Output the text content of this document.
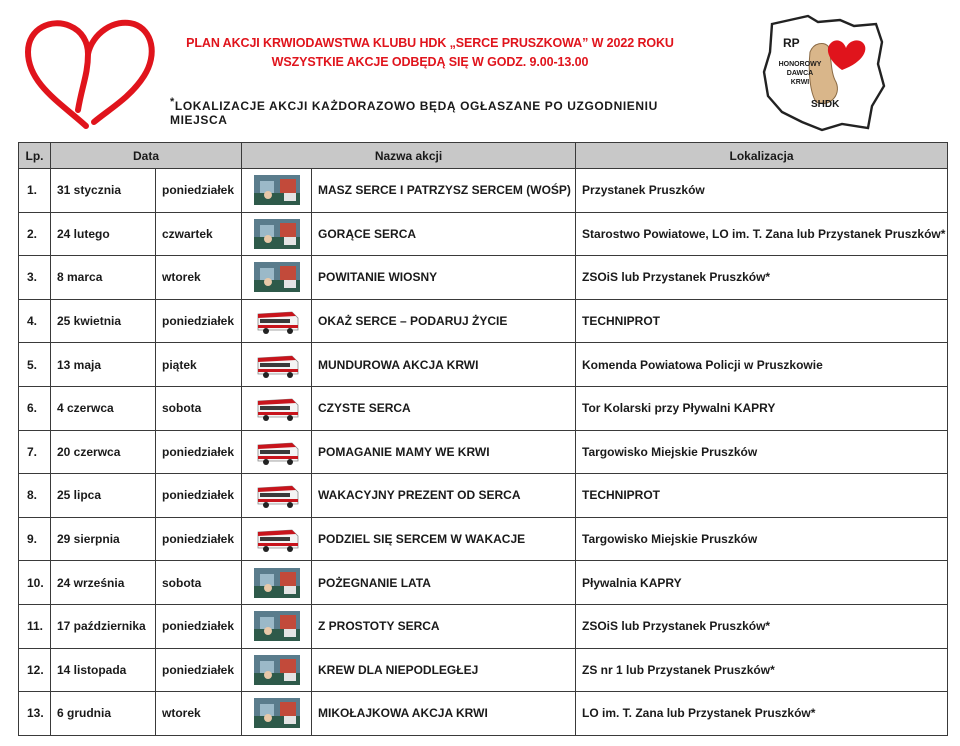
PLAN AKCJI KRWIODAWSTWA KLUBU HDK „SERCE PRUSZKOWA” W 2022 ROKU
WSZYSTKIE AKCJE ODBĘDĄ SIĘ W GODZ. 9.00-13.00
*LOKALIZACJE AKCJI KAŻDORAZOWO BĘDĄ OGŁASZANE PO UZGODNIENIU MIEJSCA
RP
HONOROWY
DAWCA
KRWI
SHDK
Lp.	Data		Nazwa akcji		Lokalizacja
1.	31 stycznia	poniedziałek		MASZ SERCE I PATRZYSZ SERCEM (WOŚP)	Przystanek Pruszków
2.	24 lutego	czwartek		GORĄCE SERCA	Starostwo Powiatowe, LO im. T. Zana lub Przystanek Pruszków*
3.	8 marca	wtorek		POWITANIE WIOSNY	ZSOiS lub Przystanek Pruszków*
4.	25 kwietnia	poniedziałek		OKAŻ SERCE – PODARUJ ŻYCIE	TECHNIPROT
5.	13 maja	piątek		MUNDUROWA AKCJA KRWI	Komenda Powiatowa Policji w Pruszkowie
6.	4 czerwca	sobota		CZYSTE SERCA	Tor Kolarski przy Pływalni KAPRY
7.	20 czerwca	poniedziałek		POMAGANIE MAMY WE KRWI	Targowisko Miejskie Pruszków
8.	25 lipca	poniedziałek		WAKACYJNY PREZENT OD SERCA	TECHNIPROT
9.	29 sierpnia	poniedziałek		PODZIEL SIĘ SERCEM W WAKACJE	Targowisko Miejskie Pruszków
10.	24 września	sobota		POŻEGNANIE LATA	Pływalnia KAPRY
11.	17 października	poniedziałek		Z PROSTOTY SERCA	ZSOiS lub Przystanek Pruszków*
12.	14 listopada	poniedziałek		KREW DLA NIEPODLEGŁEJ	ZS nr 1 lub Przystanek Pruszków*
13.	6 grudnia	wtorek		MIKOŁAJKOWA AKCJA KRWI	LO im. T. Zana lub Przystanek Pruszków*
